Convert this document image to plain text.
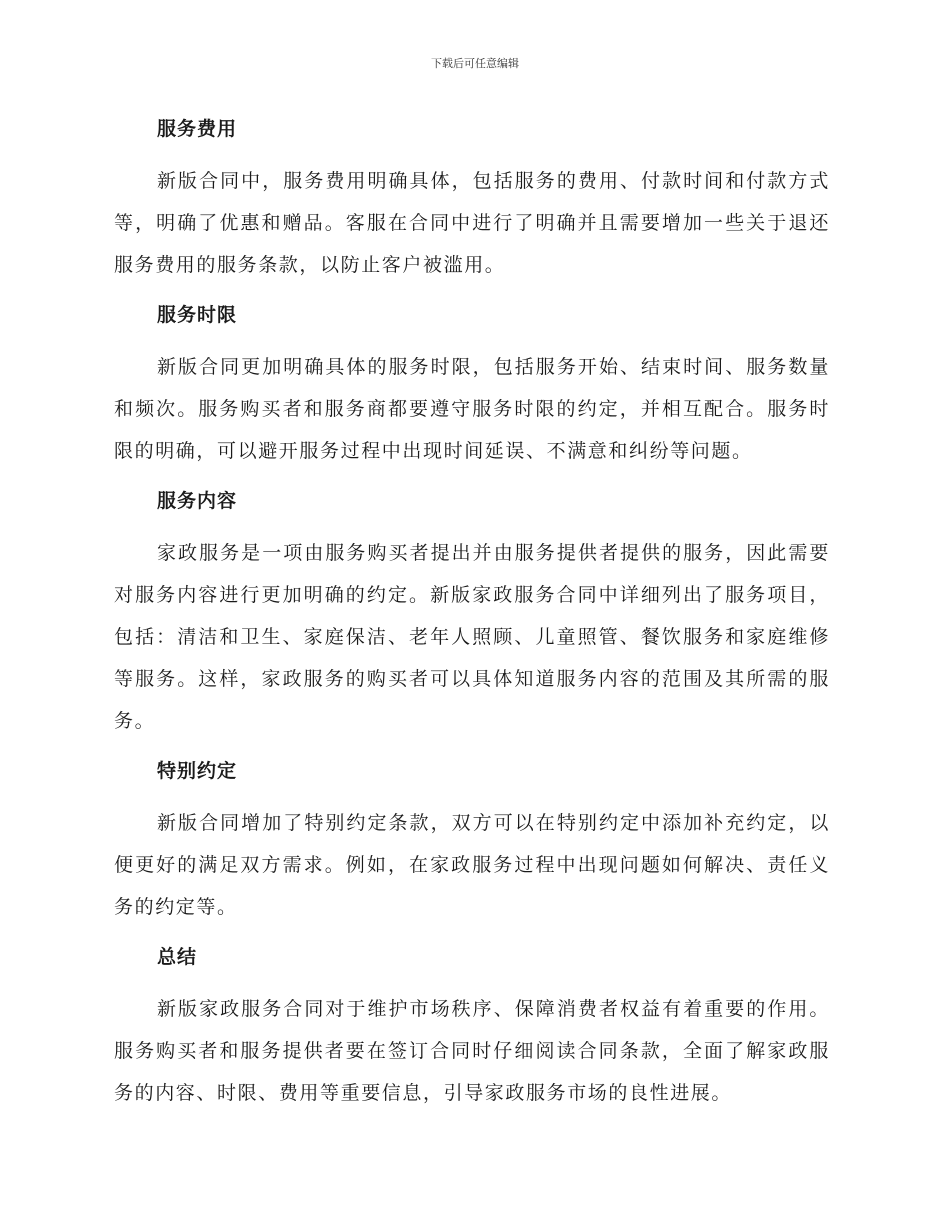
下载后可任意编辑
服务费用

新版合同中，服务费用明确具体，包括服务的费用、付款时间和付款方式等，明确了优惠和赠品。客服在合同中进行了明确并且需要增加一些关于退还服务费用的服务条款，以防止客户被滥用。

服务时限

新版合同更加明确具体的服务时限，包括服务开始、结束时间、服务数量和频次。服务购买者和服务商都要遵守服务时限的约定，并相互配合。服务时限的明确，可以避开服务过程中出现时间延误、不满意和纠纷等问题。

服务内容

家政服务是一项由服务购买者提出并由服务提供者提供的服务，因此需要对服务内容进行更加明确的约定。新版家政服务合同中详细列出了服务项目，包括：清洁和卫生、家庭保洁、老年人照顾、儿童照管、餐饮服务和家庭维修等服务。这样，家政服务的购买者可以具体知道服务内容的范围及其所需的服务。

特别约定

新版合同增加了特别约定条款，双方可以在特别约定中添加补充约定，以便更好的满足双方需求。例如，在家政服务过程中出现问题如何解决、责任义务的约定等。

总结

新版家政服务合同对于维护市场秩序、保障消费者权益有着重要的作用。服务购买者和服务提供者要在签订合同时仔细阅读合同条款，全面了解家政服务的内容、时限、费用等重要信息，引导家政服务市场的良性进展。
